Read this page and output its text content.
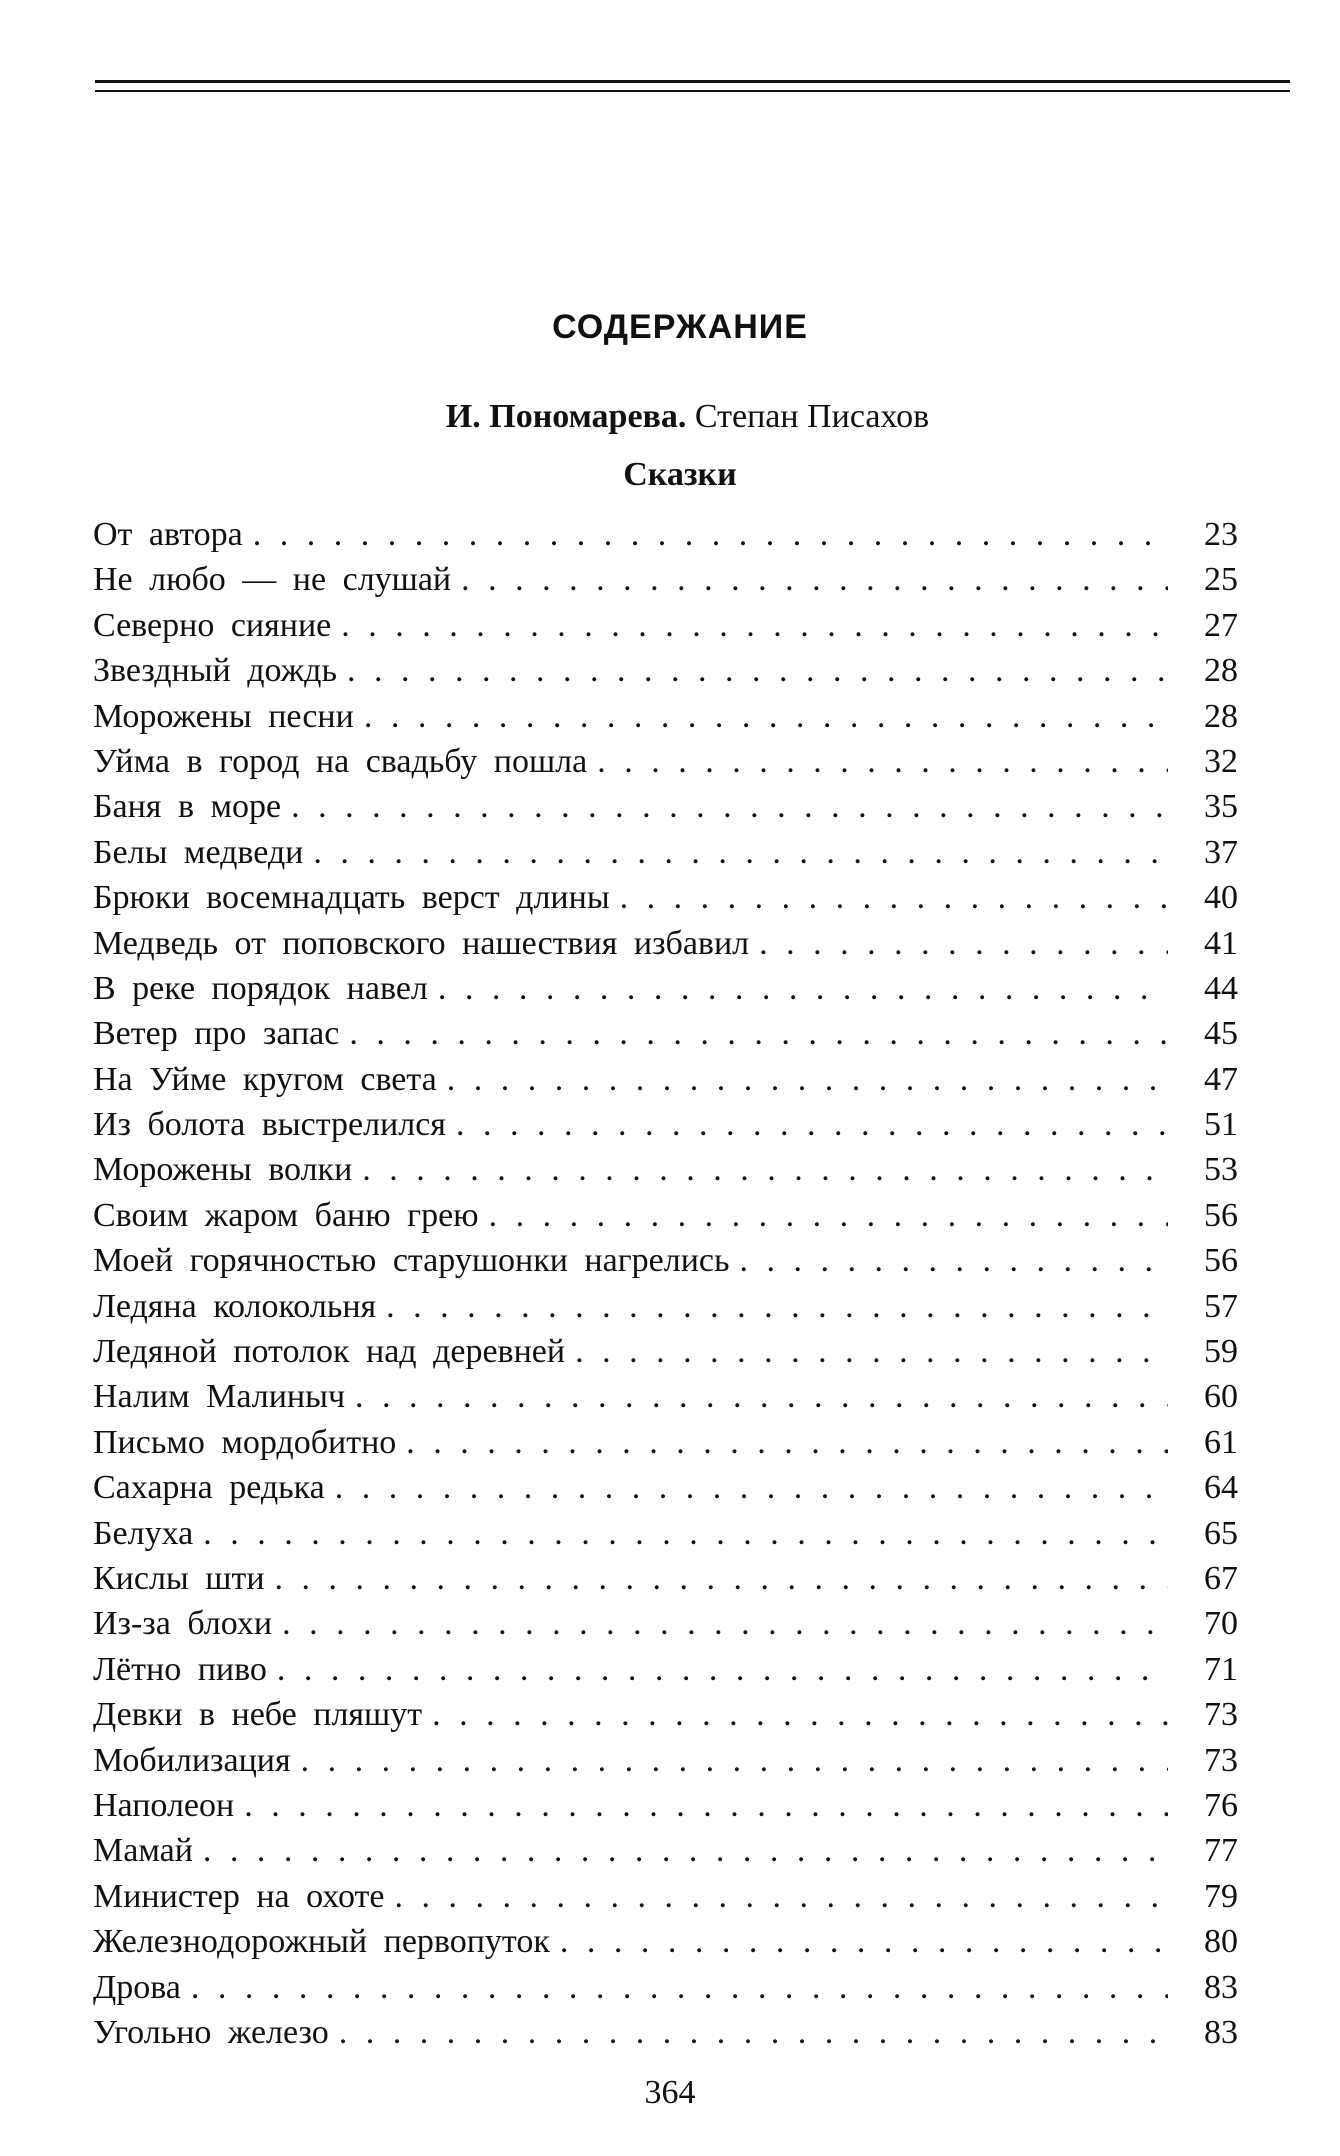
СОДЕРЖАНИЕ
И. Пономарева. Степан Писахов
Сказки
От автора . . .	23
Не любо — не слушай . . .	25
Северно сияние . . .	27
Звездный дождь . . .	28
Морожены песни . . .	28
Уйма в город на свадьбу пошла . . .	32
Баня в море . . .	35
Белы медведи . . .	37
Брюки восемнадцать верст длины . . .	40
Медведь от поповского нашествия избавил . . .	41
В реке порядок навел . . .	44
Ветер про запас . . .	45
На Уйме кругом света . . .	47
Из болота выстрелился . . .	51
Морожены волки . . .	53
Своим жаром баню грею . . .	56
Моей горячностью старушонки нагрелись . . .	56
Ледяна колокольня . . .	57
Ледяной потолок над деревней . . .	59
Налим Малиныч . . .	60
Письмо мордобитно . . .	61
Сахарна редька . . .	64
Белуха . . .	65
Кислы шти . . .	67
Из-за блохи . . .	70
Лётно пиво . . .	71
Девки в небе пляшут . . .	73
Мобилизация . . .	73
Наполеон . . .	76
Мамай . . .	77
Министер на охоте . . .	79
Железнодорожный первопуток . . .	80
Дрова . . .	83
Угольно железо . . .	83
364
